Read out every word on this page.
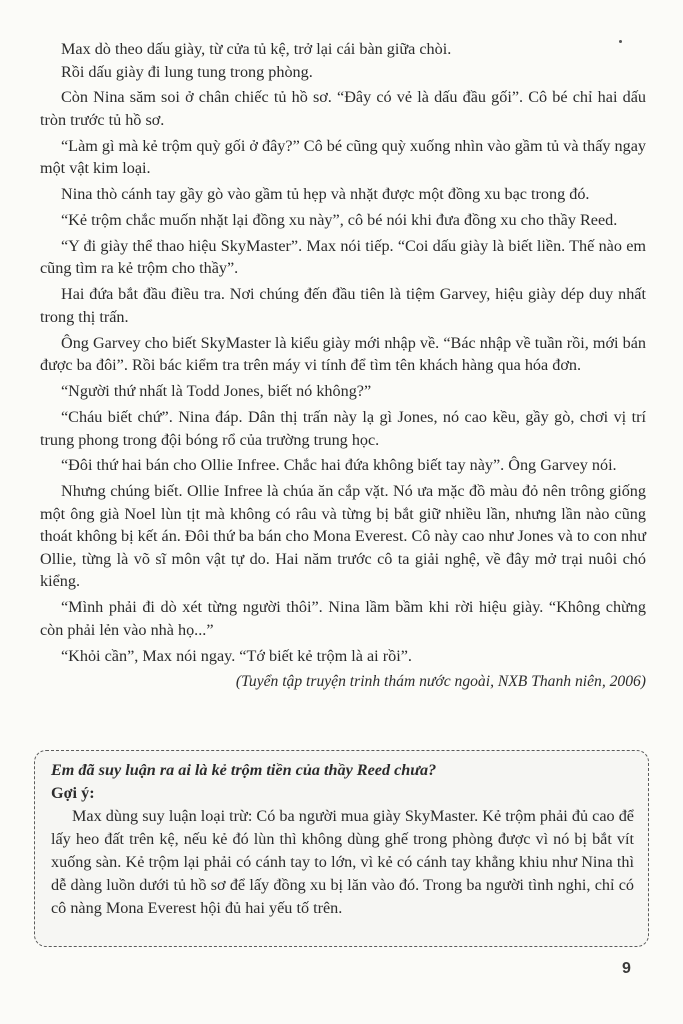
Max dò theo dấu giày, từ cửa tủ kệ, trở lại cái bàn giữa chòi.

Rồi dấu giày đi lung tung trong phòng.

Còn Nina săm soi ở chân chiếc tủ hồ sơ. “Đây có vẻ là dấu đầu gối”. Cô bé chỉ hai dấu tròn trước tủ hồ sơ.

“Làm gì mà kẻ trộm quỳ gối ở đây?” Cô bé cũng quỳ xuống nhìn vào gầm tủ và thấy ngay một vật kim loại.

Nina thò cánh tay gầy gò vào gầm tủ hẹp và nhặt được một đồng xu bạc trong đó.

“Kẻ trộm chắc muốn nhặt lại đồng xu này”, cô bé nói khi đưa đồng xu cho thầy Reed.

“Y đi giày thể thao hiệu SkyMaster”. Max nói tiếp. “Coi dấu giày là biết liền. Thế nào em cũng tìm ra kẻ trộm cho thầy”.

Hai đứa bắt đầu điều tra. Nơi chúng đến đầu tiên là tiệm Garvey, hiệu giày dép duy nhất trong thị trấn.

Ông Garvey cho biết SkyMaster là kiểu giày mới nhập về. “Bác nhập về tuần rồi, mới bán được ba đôi”. Rồi bác kiểm tra trên máy vi tính để tìm tên khách hàng qua hóa đơn.

“Người thứ nhất là Todd Jones, biết nó không?”

“Cháu biết chứ”. Nina đáp. Dân thị trấn này lạ gì Jones, nó cao kều, gầy gò, chơi vị trí trung phong trong đội bóng rổ của trường trung học.

“Đôi thứ hai bán cho Ollie Infree. Chắc hai đứa không biết tay này”. Ông Garvey nói.

Nhưng chúng biết. Ollie Infree là chúa ăn cắp vặt. Nó ưa mặc đồ màu đỏ nên trông giống một ông già Noel lùn tịt mà không có râu và từng bị bắt giữ nhiều lần, nhưng lần nào cũng thoát không bị kết án. Đôi thứ ba bán cho Mona Everest. Cô này cao như Jones và to con như Ollie, từng là võ sĩ môn vật tự do. Hai năm trước cô ta giải nghệ, về đây mở trại nuôi chó kiểng.

“Mình phải đi dò xét từng người thôi”. Nina lầm bầm khi rời hiệu giày. “Không chừng còn phải lẻn vào nhà họ...”

“Khỏi cần”, Max nói ngay. “Tớ biết kẻ trộm là ai rồi”.

(Tuyển tập truyện trinh thám nước ngoài, NXB Thanh niên, 2006)

Em đã suy luận ra ai là kẻ trộm tiền của thầy Reed chưa?

Gợi ý:

Max dùng suy luận loại trừ: Có ba người mua giày SkyMaster. Kẻ trộm phải đủ cao để lấy heo đất trên kệ, nếu kẻ đó lùn thì không dùng ghế trong phòng được vì nó bị bắt vít xuống sàn. Kẻ trộm lại phải có cánh tay to lớn, vì kẻ có cánh tay khẳng khiu như Nina thì dễ dàng luồn dưới tủ hồ sơ để lấy đồng xu bị lăn vào đó. Trong ba người tình nghi, chỉ có cô nàng Mona Everest hội đủ hai yếu tố trên.

9
